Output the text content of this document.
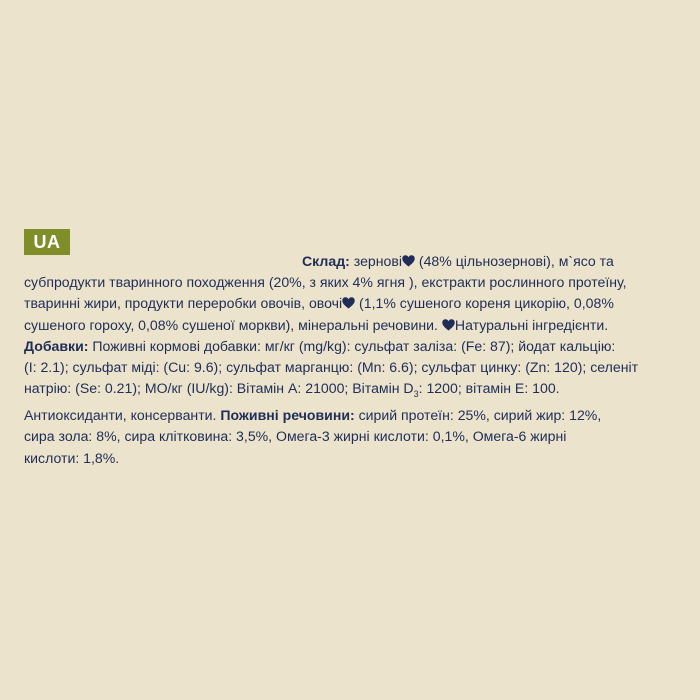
UA
Склад: зернові
(48% цільнозернові), м`ясо та
субпродукти тваринного походження (20%, з яких 4% ягня ), екстракти рослинного протеїну,
тваринні жири, продукти переробки овочів, овочі
(1,1% сушеного кореня цикорію, 0,08%
сушеного гороху, 0,08% сушеної моркви), мінеральні речовини.
Натуральні інгредієнти.
Добавки: Поживні кормові добавки: мг/кг (mg/kg): сульфат заліза: (Fe: 87); йодат кальцію:
(I: 2.1); сульфат міді: (Cu: 9.6); сульфат марганцю: (Mn: 6.6); сульфат цинку: (Zn: 120); селеніт
натрію: (Se: 0.21); МО/кг (IU/kg): Вітамін А: 21000; Вітамін $D_3$: 1200; вітамін Е: 100.
Антиоксиданти, консерванти. Поживні речовини: сирий протеїн: 25%, сирий жир: 12%,
сира зола: 8%, сира клітковина: 3,5%, Омега-3 жирні кислоти: 0,1%, Омега-6 жирні
кислоти: 1,8%.
